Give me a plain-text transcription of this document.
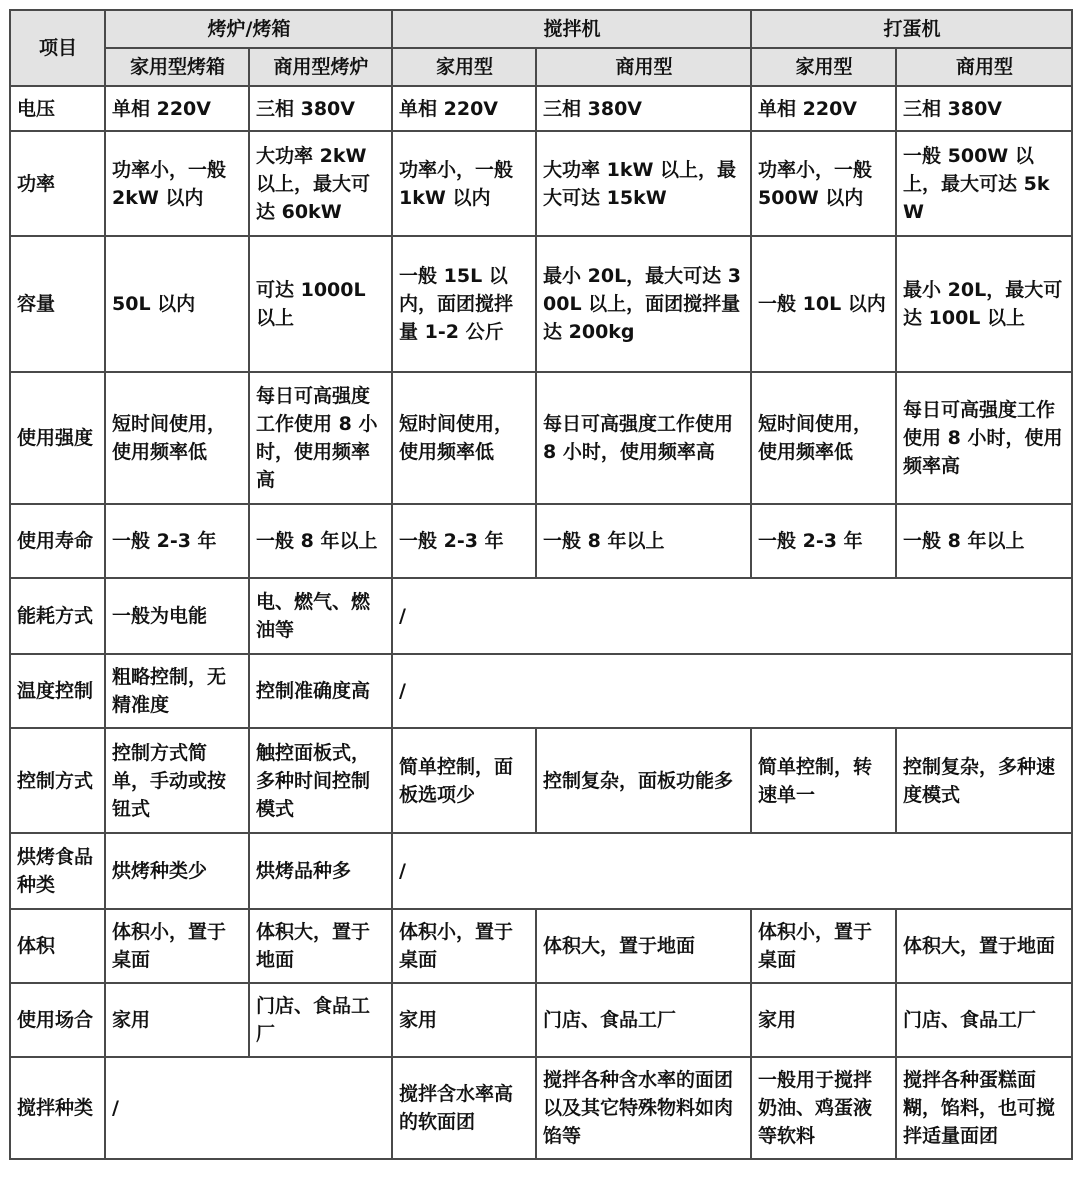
项目	烤炉/烤箱		搅拌机		打蛋机	
	家用型烤箱	商用型烤炉	家用型	商用型	家用型	商用型
电压	单相 220V	三相 380V	单相 220V	三相 380V	单相 220V	三相 380V
功率	功率小，一般 2kW 以内	大功率 2kW 以上，最大可达 60kW	功率小，一般 1kW 以内	大功率 1kW 以上，最大可达 15kW	功率小，一般 500W 以内	一般 500W 以上，最大可达 5kW
容量	50L 以内	可达 1000L 以上	一般 15L 以内，面团搅拌量 1-2 公斤	最小 20L，最大可达 300L 以上，面团搅拌量达 200kg	一般 10L 以内	最小 20L，最大可达 100L 以上
使用强度	短时间使用，使用频率低	每日可高强度工作使用 8 小时，使用频率高	短时间使用，使用频率低	每日可高强度工作使用 8 小时，使用频率高	短时间使用，使用频率低	每日可高强度工作使用 8 小时，使用频率高
使用寿命	一般 2-3 年	一般 8 年以上	一般 2-3 年	一般 8 年以上	一般 2-3 年	一般 8 年以上
能耗方式	一般为电能	电、燃气、燃油等	/			
温度控制	粗略控制，无精准度	控制准确度高	/			
控制方式	控制方式简单，手动或按钮式	触控面板式，多种时间控制模式	简单控制，面板选项少	控制复杂，面板功能多	简单控制，转速单一	控制复杂，多种速度模式
烘烤食品种类	烘烤种类少	烘烤品种多	/			
体积	体积小，置于桌面	体积大，置于地面	体积小，置于桌面	体积大，置于地面	体积小，置于桌面	体积大，置于地面
使用场合	家用	门店、食品工厂	家用	门店、食品工厂	家用	门店、食品工厂
搅拌种类	/		搅拌含水率高的软面团	搅拌各种含水率的面团以及其它特殊物料如肉馅等	一般用于搅拌奶油、鸡蛋液等软料	搅拌各种蛋糕面糊，馅料，也可搅拌适量面团
